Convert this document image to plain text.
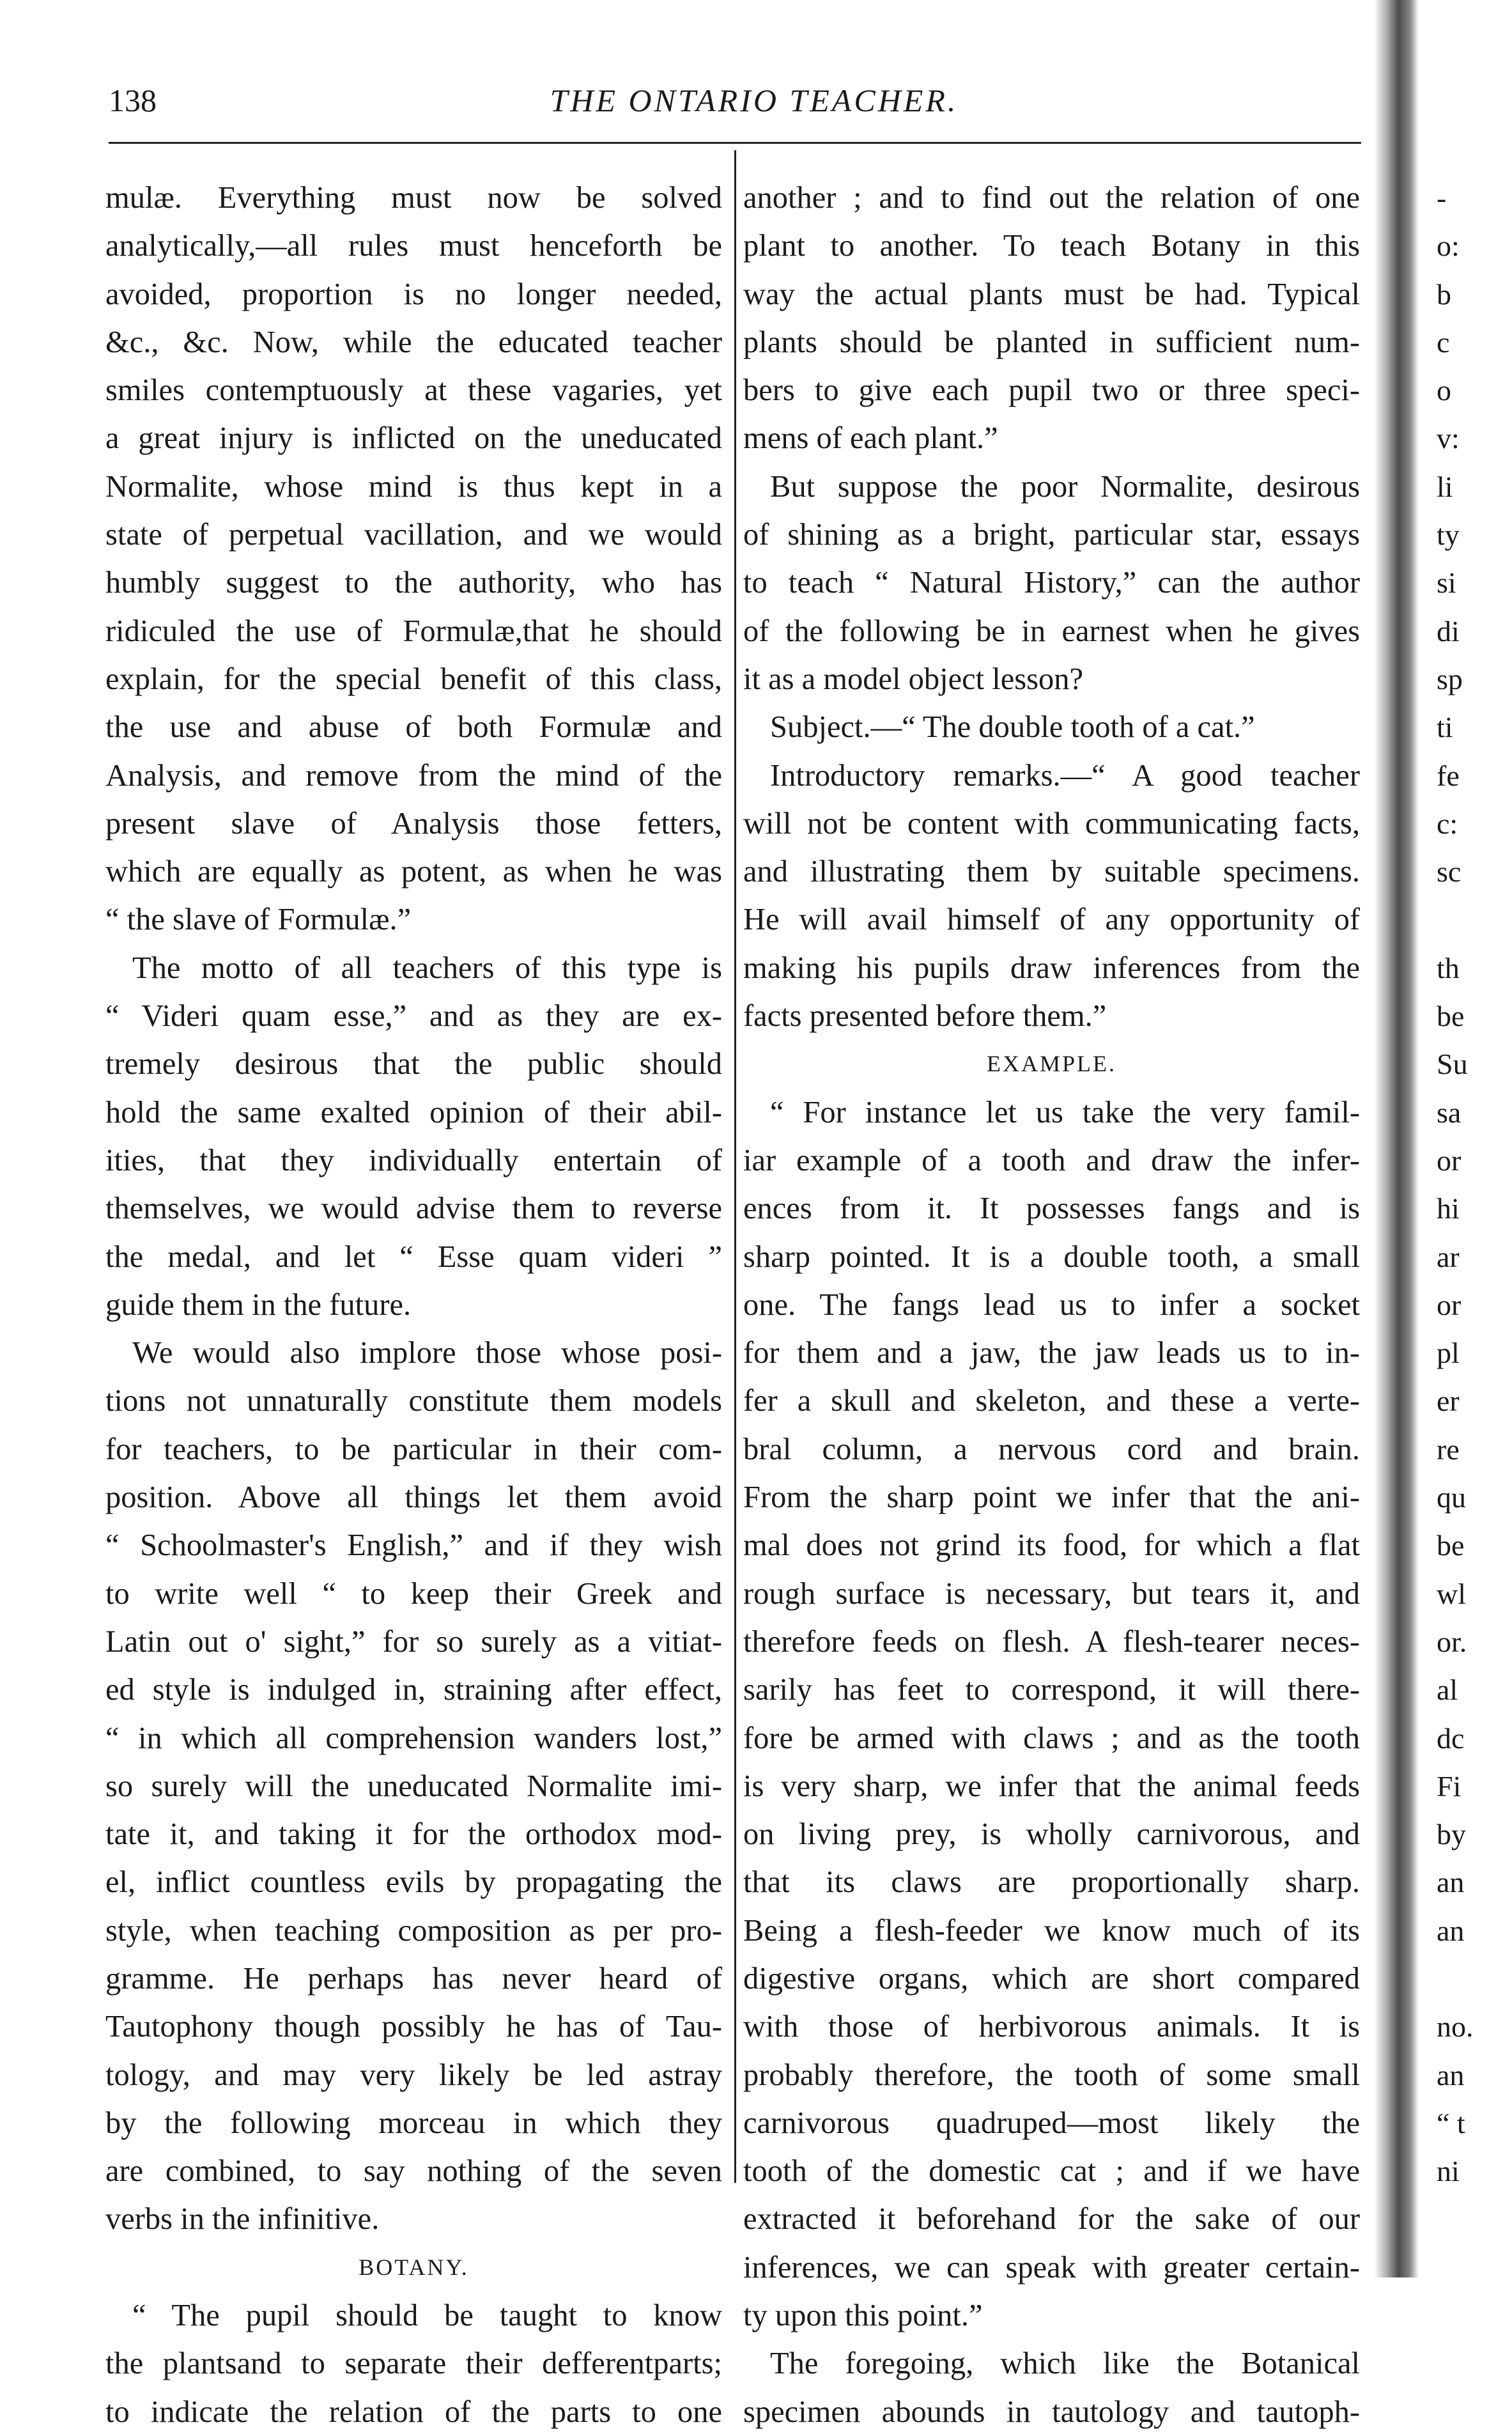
138	THE ONTARIO TEACHER.
mulæ. Everything must now be solved
analytically,—all rules must henceforth be
avoided, proportion is no longer needed,
&c., &c. Now, while the educated teacher
smiles contemptuously at these vagaries, yet
a great injury is inflicted on the uneducated
Normalite, whose mind is thus kept in a
state of perpetual vacillation, and we would
humbly suggest to the authority, who has
ridiculed the use of Formulæ,that he should
explain, for the special benefit of this class,
the use and abuse of both Formulæ and
Analysis, and remove from the mind of the
present slave of Analysis those fetters,
which are equally as potent, as when he was
“ the slave of Formulæ.”
The motto of all teachers of this type is
“ Videri quam esse,” and as they are ex-
tremely desirous that the public should
hold the same exalted opinion of their abil-
ities, that they individually entertain of
themselves, we would advise them to reverse
the medal, and let “ Esse quam videri ”
guide them in the future.
We would also implore those whose posi-
tions not unnaturally constitute them models
for teachers, to be particular in their com-
position. Above all things let them avoid
“ Schoolmaster's English,” and if they wish
to write well “ to keep their Greek and
Latin out o' sight,” for so surely as a vitiat-
ed style is indulged in, straining after effect,
“ in which all comprehension wanders lost,”
so surely will the uneducated Normalite imi-
tate it, and taking it for the orthodox mod-
el, inflict countless evils by propagating the
style, when teaching composition as per pro-
gramme. He perhaps has never heard of
Tautophony though possibly he has of Tau-
tology, and may very likely be led astray
by the following morceau in which they
are combined, to say nothing of the seven
verbs in the infinitive.
BOTANY.
“ The pupil should be taught to know
the plantsand to separate their defferentparts;
to indicate the relation of the parts to one
another ; and to find out the relation of one
plant to another. To teach Botany in this
way the actual plants must be had. Typical
plants should be planted in sufficient num-
bers to give each pupil two or three speci-
mens of each plant.”
But suppose the poor Normalite, desirous
of shining as a bright, particular star, essays
to teach “ Natural History,” can the author
of the following be in earnest when he gives
it as a model object lesson?
Subject.—“ The double tooth of a cat.”
Introductory remarks.—“ A good teacher
will not be content with communicating facts,
and illustrating them by suitable specimens.
He will avail himself of any opportunity of
making his pupils draw inferences from the
facts presented before them.”
EXAMPLE.
“ For instance let us take the very famil-
iar example of a tooth and draw the infer-
ences from it. It possesses fangs and is
sharp pointed. It is a double tooth, a small
one. The fangs lead us to infer a socket
for them and a jaw, the jaw leads us to in-
fer a skull and skeleton, and these a verte-
bral column, a nervous cord and brain.
From the sharp point we infer that the ani-
mal does not grind its food, for which a flat
rough surface is necessary, but tears it, and
therefore feeds on flesh. A flesh-tearer neces-
sarily has feet to correspond, it will there-
fore be armed with claws ; and as the tooth
is very sharp, we infer that the animal feeds
on living prey, is wholly carnivorous, and
that its claws are proportionally sharp.
Being a flesh-feeder we know much of its
digestive organs, which are short compared
with those of herbivorous animals. It is
probably therefore, the tooth of some small
carnivorous quadruped—most likely the
tooth of the domestic cat ; and if we have
extracted it beforehand for the sake of our
inferences, we can speak with greater certain-
ty upon this point.”
The foregoing, which like the Botanical
specimen abounds in tautology and tautoph-
-
o:
b
c
o
v:
li
ty
si
di
sp
ti
fe
c:
sc
th
be
Su
sa
or
hi
ar
or
pl
er
re
qu
be
wl
or.
al
dc
Fi
by
an
an
no.
an
“ t
ni
